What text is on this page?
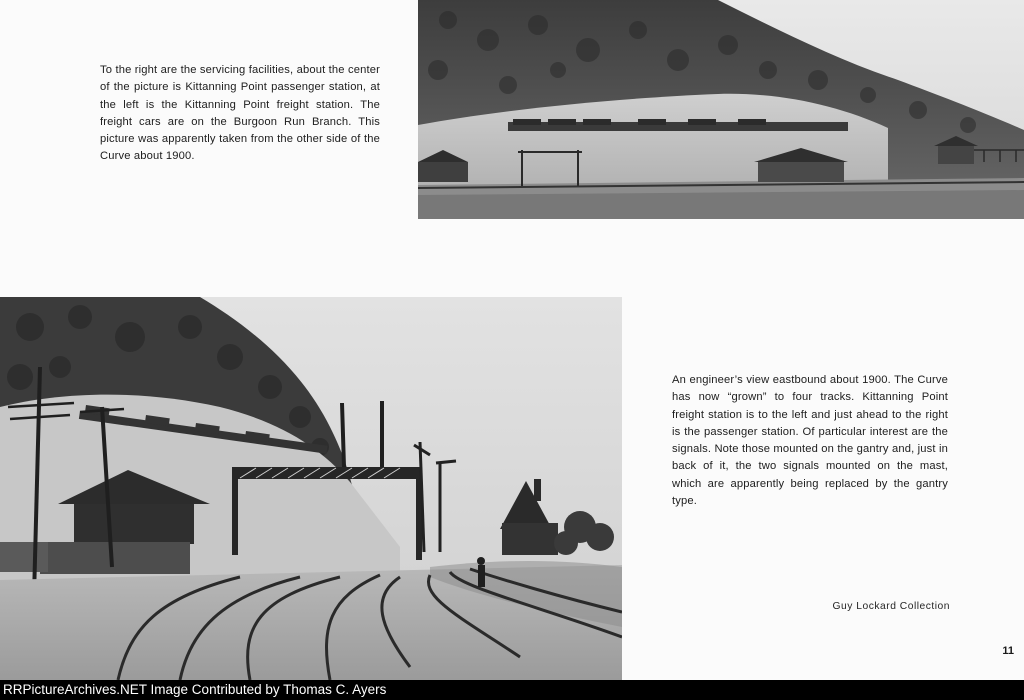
To the right are the servicing facilities, about the center of the picture is Kittanning Point passenger station, at the left is the Kittanning Point freight station. The freight cars are on the Burgoon Run Branch. This picture was apparently taken from the other side of the Curve about 1900.

An engineer’s view eastbound about 1900. The Curve has now “grown” to four tracks. Kittanning Point freight station is to the left and just ahead to the right is the passenger station. Of particular interest are the signals. Note those mounted on the gantry and, just in back of it, the two signals mounted on the mast, which are apparently being replaced by the gantry type.

Guy Lockard Collection
11
RRPictureArchives.NET Image Contributed by Thomas C. Ayers
